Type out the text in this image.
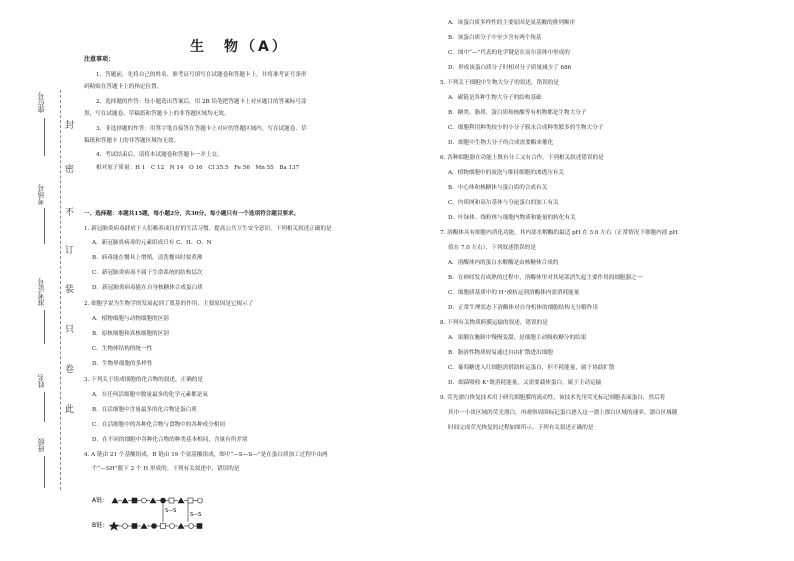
封
密
不
订
装
只
卷
此
座位号
考场号
准考证号
姓名
班级
生　物（A）
注意事项：
1、答题前，先将自己的姓名、准考证号填写在试题卷和答题卡上，并将准考证号条形
码粘贴在答题卡上的指定位置。
2、选择题的作答：每小题选出答案后，用 2B 铅笔把答题卡上对应题目的答案标号涂
黑，写在试题卷、草稿纸和答题卡上的非答题区域均无效。
3、非选择题的作答：用签字笔直接答在答题卡上对应的答题区域内。写在试题卷、草
稿纸和答题卡上的非答题区域均无效。
4、考试结束后，请将本试题卷和答题卡一并上交。
相对原子质量：H 1　C 12　N 14　O 16　Cl 35.5　Fe 56　Mn 55　Ba 137
一、选择题：本题共15题，每小题2分，共30分。每小题只有一个选项符合题目要求。
1. 新冠肺炎病毒肆虐于人们赖养成良好的生活习惯，提高公共卫生安全意识。下列相关叙述正确的是
A．新冠肺炎病毒的元素组成只有 C、H、O、N
B．病毒能在餐具上增殖，清洗餐具时要煮沸
C．新冠肺炎病毒不属于生命系统的结构层次
D．新冠肺炎病毒能在自身核糖体合成蛋白质
2. 细胞学说为生物学的发展起到了奠基的作用，主要原因是它揭示了
A．植物细胞与动物细胞的区别
B．原核细胞和真核细胞的区别
C．生物体结构的统一性
D．生物界细胞的多样性
3. 下列关于组成细胞的化合物的叙述，正确的是
A．在任何活细胞中数量最多的化学元素都是氧
B．在活细胞中含量最多的化合物是蛋白质
C．在活细胞中的各种化合物与食物中的各种成分相同
D．在不同的细胞中各种化合物的种类基本相同，含量有所差别
4. A 链由 21 个基酸组成，B 链由 19 个氨基酸组成，图中“—S—S—”是在蛋白质加工过程中由两
个“—SH”脱下 2 个 H 形成的。下列有关叙述中，错误的是
A链:
S—S
S—S
B链:
A．该蛋白质多样性的主要原因是氨基酸的排列顺序
B．该蛋白质分子中至少含有两个羧基
C．图中“—”代表的化学键是在高尔基体中形成的
D．形成该蛋白质分子时相对分子质量减少了 686
5. 下列关于细胞中生物大分子的叙述，错误的是
A．碳链是各种生物大分子的结构基础
B．糖类、脂质、蛋白质和核酸等有机物都是生物大分子
C．细胞利用种类较少的小分子脱水合成种类繁多的生物大分子
D．细胞中生物大分子的合成需要酶来催化
6. 各种细胞器在功能上既有分工又有合作。下列相关叙述错误的是
A．植物细胞中的液泡与维持细胞的渗透压有关
B．中心体和核糖体与蛋白质的合成有关
C．内质网和高尔基体与分泌蛋白的加工有关
D．叶绿体、线粒体与细胞内物质和能量的转化有关
7. 溶酶体具有细胞内消化功能，其内部水解酶的最适 pH 在 5.0 左右（正常情况下细胞内液 pH
值在 7.0 左右），下列叙述错误的是
A．溶酶体内的蛋白水解酶是由核糖体合成的
B．在神经发育成熟的过程中，溶酶体里对其尾部消失起主要作用的细胞器之一
C．细胞质基质中的 H⁺被转运到溶酶体内需消耗能量
D．正常生理状态下溶酶体对自身机体的细胞结构无分解作用
8. 下列有关物质跨膜运输的叙述，错误的是
A．果脯在腌制中慢慢变甜，是细胞主动吸收糖分的结果
B．脂溶性物质较易通过自由扩散进出细胞
C．葡萄糖进入红细胞需借助转运蛋白，但不耗能量，属于协助扩散
D．细菌吸收 K⁺既消耗能量，又需要载体蛋白，属于主动运输
9. 荧光漂白恢复技术用于研究细胞膜的流动性，该技术先用荧光标记细胞表面蛋白，然后将
其中一小块区域的荧光漂白，再观察周围标记蛋白逐入这一漂上漂白区域的速率。漂白区域随
时间完成荧光恢复的过程如图所示。下列有关叙述正确的是
